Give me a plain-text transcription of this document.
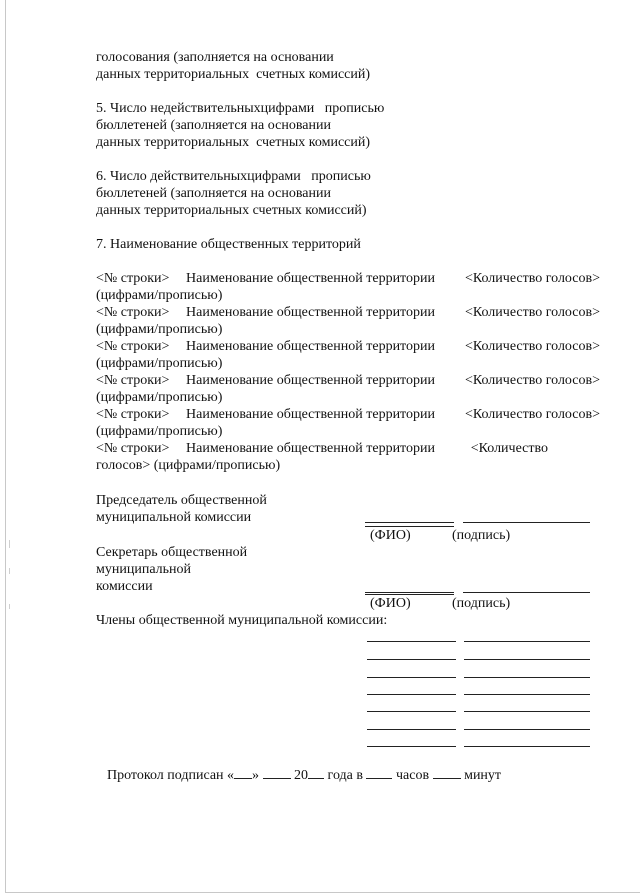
голосования (заполняется на основании
данных территориальных  счетных комиссий)
5. Число недействительныхцифрами   прописью
бюллетеней (заполняется на основании
данных территориальных  счетных комиссий)
6. Число действительныхцифрами   прописью
бюллетеней (заполняется на основании
данных территориальных счетных комиссий)
7. Наименование общественных территорий
<№ строки> Наименование общественной территории <Количество голосов>
(цифрами/прописью)
<№ строки> Наименование общественной территории <Количество голосов>
(цифрами/прописью)
<№ строки> Наименование общественной территории <Количество голосов>
(цифрами/прописью)
<№ строки> Наименование общественной территории <Количество голосов>
(цифрами/прописью)
<№ строки> Наименование общественной территории <Количество голосов>
(цифрами/прописью)
<№ строки> Наименование общественной территории	<Количество
голосов> (цифрами/прописью)
Председатель общественной
муниципальной комиссии
(ФИО)	(подпись)
Секретарь общественной
муниципальной
комиссии
(ФИО)	(подпись)
Члены общественной муниципальной комиссии:
Протокол подписан « »	20 года в часов	минут
